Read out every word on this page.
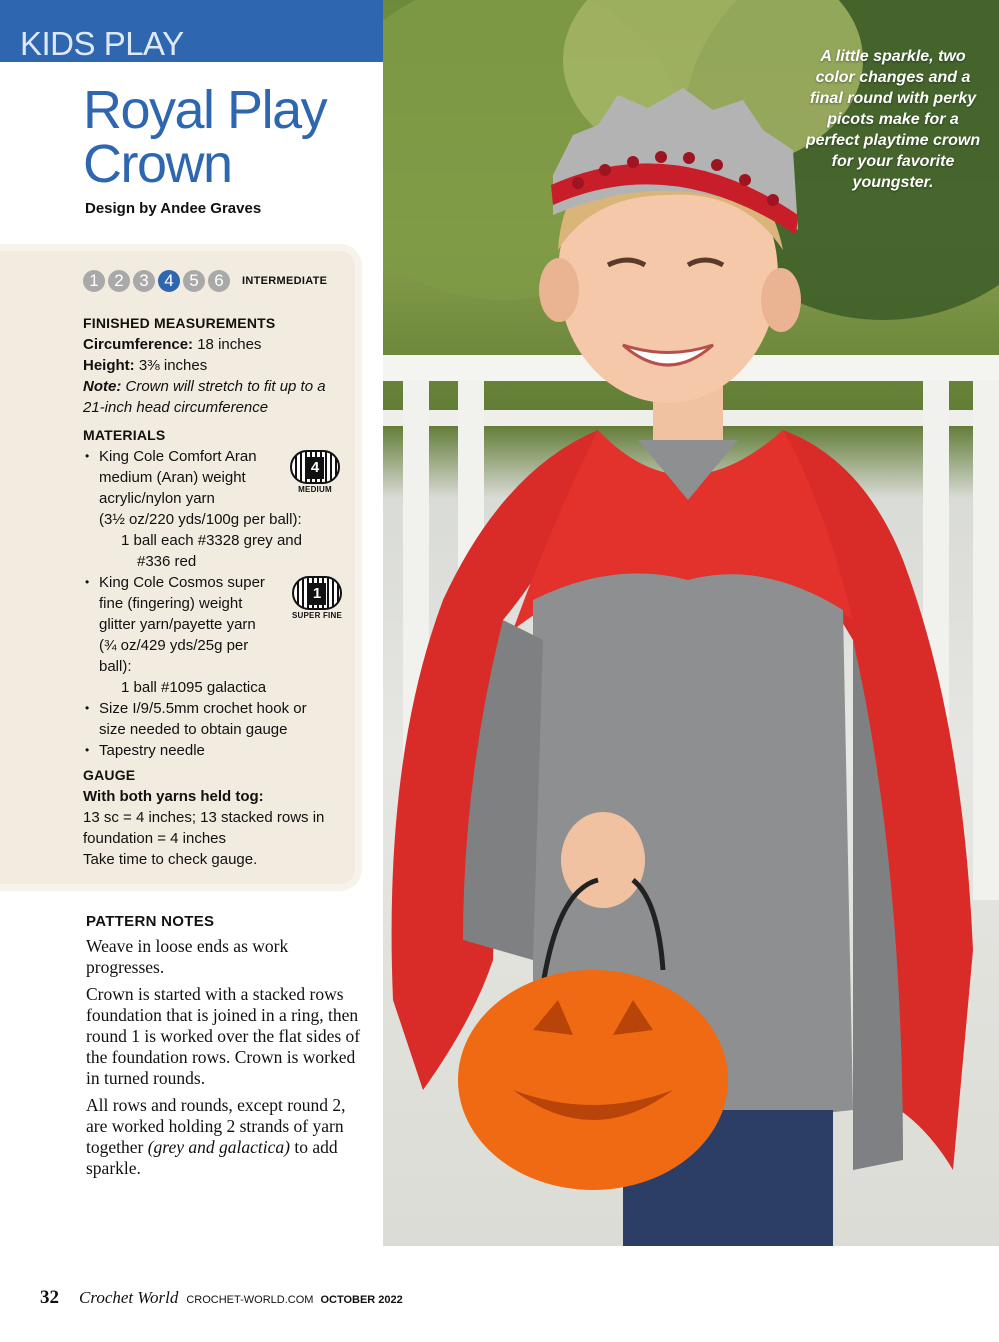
KIDS PLAY
Royal Play
Crown
Design by Andee Graves
1 2 3 4 5 6	INTERMEDIATE
FINISHED MEASUREMENTS
Circumference: 18 inches
Height: 3⅜ inches
Note: Crown will stretch to fit up to a 21-inch head circumference
MATERIALS
• King Cole Comfort Aran
medium (Aran) weight
acrylic/nylon yarn
(3½ oz/220 yds/100g per ball):
1 ball each #3328 grey and
#336 red
• King Cole Cosmos super
fine (fingering) weight
glitter yarn/payette yarn
(¾ oz/429 yds/25g per
ball):
1 ball #1095 galactica
• Size I/9/5.5mm crochet hook or
size needed to obtain gauge
• Tapestry needle
4
MEDIUM
1
SUPER FINE
GAUGE
With both yarns held tog:
13 sc = 4 inches; 13 stacked rows in
foundation = 4 inches
Take time to check gauge.
PATTERN NOTES

Weave in loose ends as work progresses.

Crown is started with a stacked rows foundation that is joined in a ring, then round 1 is worked over the flat sides of the foundation rows. Crown is worked in turned rounds.

All rows and rounds, except round 2, are worked holding 2 strands of yarn together (grey and galactica) to add sparkle.

A little sparkle, two color changes and a final round with perky picots make for a perfect playtime crown for your favorite youngster.
32 Crochet World CROCHET-WORLD.COM OCTOBER 2022
